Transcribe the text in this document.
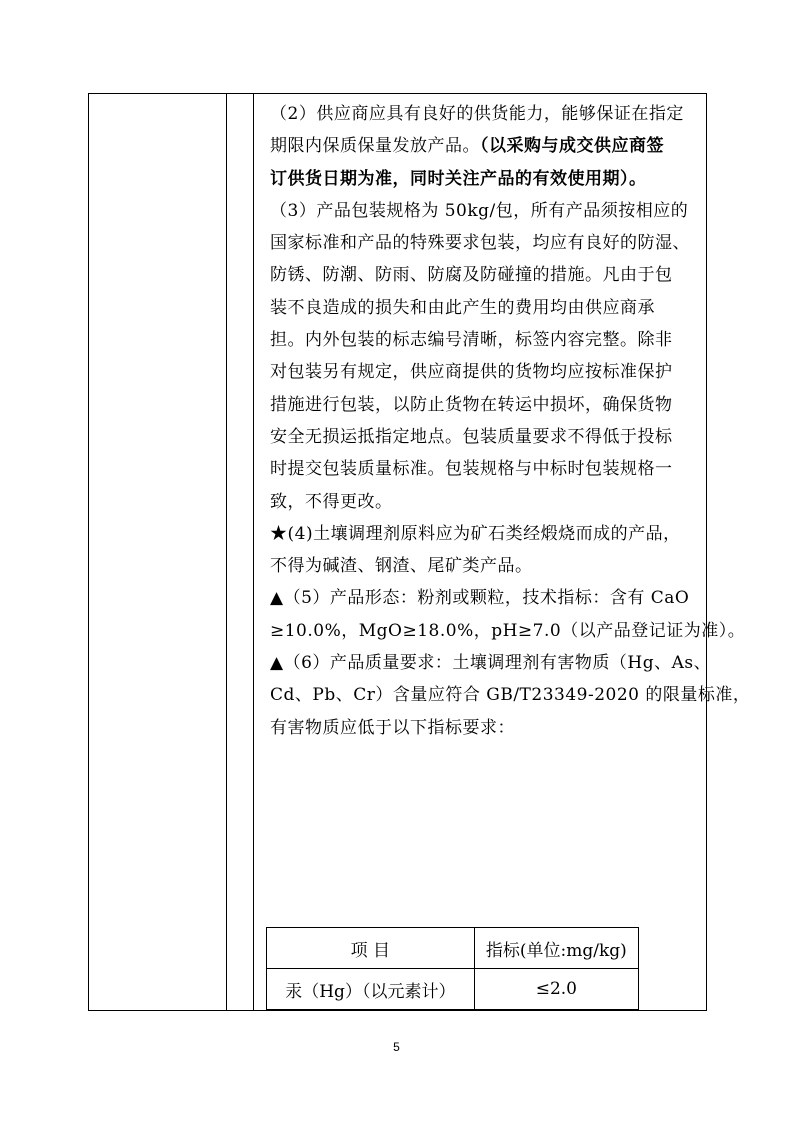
（2）供应商应具有良好的供货能力，能够保证在指定
期限内保质保量发放产品。（以采购与成交供应商签
订供货日期为准，同时关注产品的有效使用期）。
（3）产品包装规格为 50kg/包，所有产品须按相应的
国家标准和产品的特殊要求包装，均应有良好的防湿、
防锈、防潮、防雨、防腐及防碰撞的措施。凡由于包
装不良造成的损失和由此产生的费用均由供应商承
担。内外包装的标志编号清晰，标签内容完整。除非
对包装另有规定，供应商提供的货物均应按标准保护
措施进行包装，以防止货物在转运中损坏，确保货物
安全无损运抵指定地点。包装质量要求不得低于投标
时提交包装质量标准。包装规格与中标时包装规格一
致，不得更改。
★(4)土壤调理剂原料应为矿石类经煅烧而成的产品，
不得为碱渣、钢渣、尾矿类产品。
▲（5）产品形态：粉剂或颗粒，技术指标：含有 CaO
≥10.0%，MgO≥18.0%，pH≥7.0（以产品登记证为准）。
▲（6）产品质量要求：土壤调理剂有害物质（Hg、As、
Cd、Pb、Cr）含量应符合 GB/T23349-2020 的限量标准，
有害物质应低于以下指标要求：
项 目	指标(单位:mg/kg)
汞（Hg）（以元素计）	≤2.0
5
